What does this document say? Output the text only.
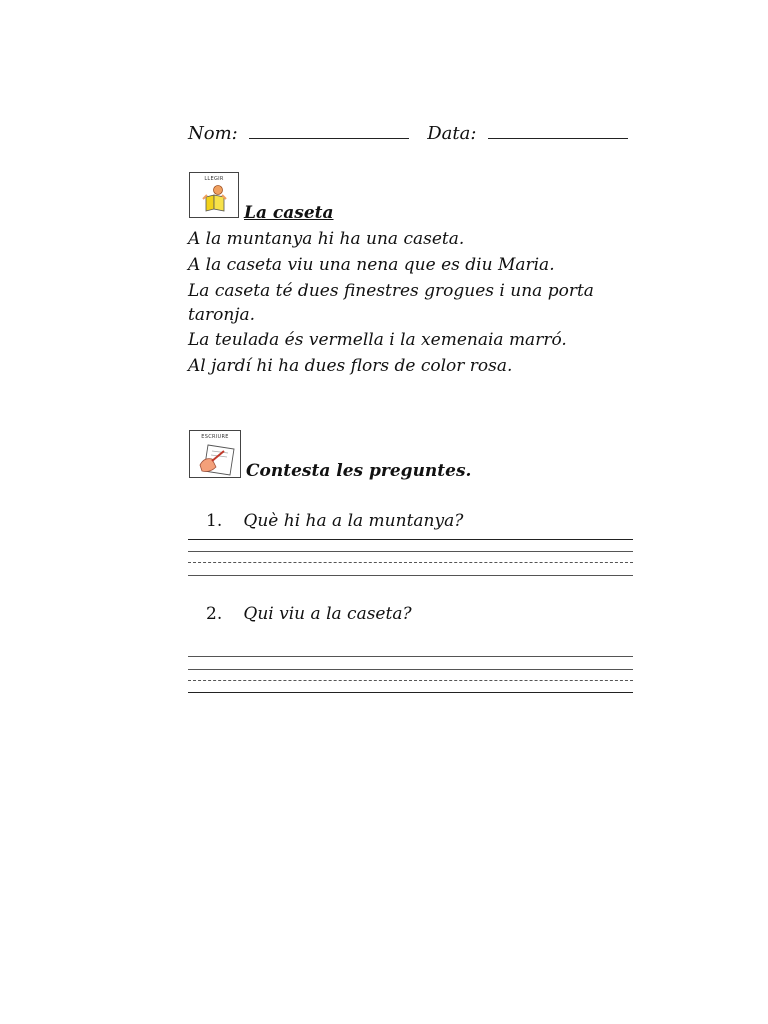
Nom:	Data:
LLEGIR
La caseta
A la muntanya hi ha una caseta.
A la caseta viu una nena que es diu Maria.
La caseta té dues finestres grogues i una porta
taronja.
La teulada és vermella i la xemenaia marró.
Al jardí hi ha dues flors de color rosa.
ESCRIURE
Contesta les preguntes.
1. Què hi ha a la muntanya?
2. Qui viu a la caseta?
